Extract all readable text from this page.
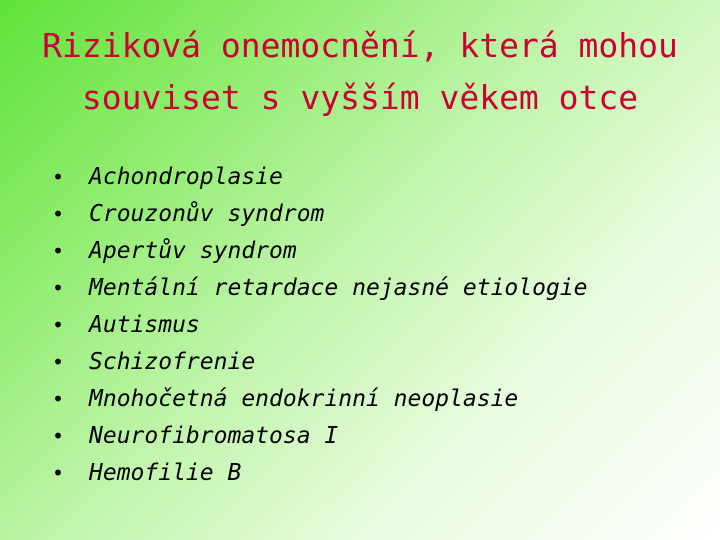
Riziková onemocnění, která mohou
souviset s vyšším věkem otce
•	Achondroplasie
•	Crouzonův syndrom
•	Apertův syndrom
•	Mentální retardace nejasné etiologie
•	Autismus
•	Schizofrenie
•	Mnohočetná endokrinní neoplasie
•	Neurofibromatosa I
•	Hemofilie B
